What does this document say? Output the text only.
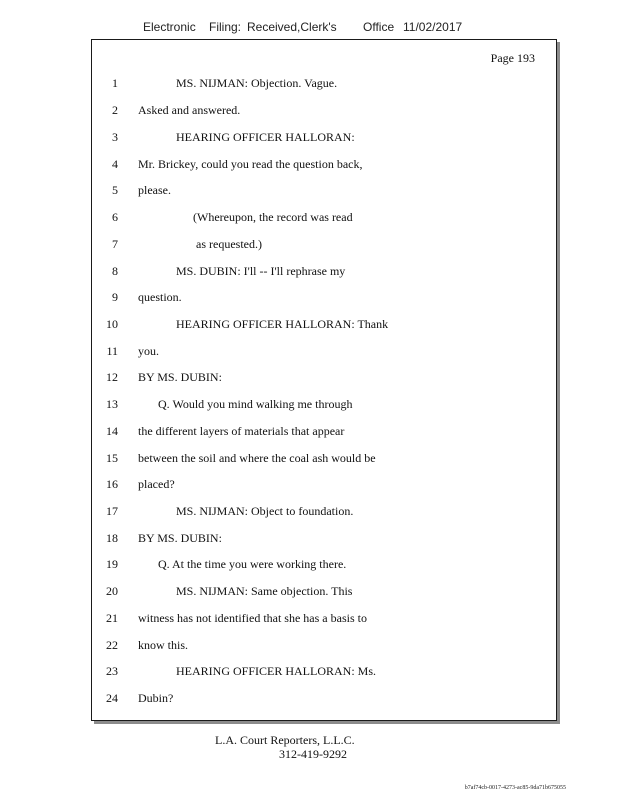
Electronic Filing: Received,Clerk's Office 11/02/2017
Page 193
1	MS. NIJMAN: Objection. Vague.
2 Asked and answered.
3	HEARING OFFICER HALLORAN:
4 Mr. Brickey, could you read the question back,
5 please.
6	(Whereupon, the record was read
7	as requested.)
8	MS. DUBIN: I'll -- I'll rephrase my
9 question.
10	HEARING OFFICER HALLORAN: Thank
11 you.
12 BY MS. DUBIN:
13	Q. Would you mind walking me through
14 the different layers of materials that appear
15 between the soil and where the coal ash would be
16 placed?
17	MS. NIJMAN: Object to foundation.
18 BY MS. DUBIN:
19	Q. At the time you were working there.
20	MS. NIJMAN: Same objection. This
21 witness has not identified that she has a basis to
22 know this.
23	HEARING OFFICER HALLORAN: Ms.
24 Dubin?
L.A. Court Reporters, L.L.C.
312-419-9292
b7af74cb-0017-4273-ac85-9da71b675055
